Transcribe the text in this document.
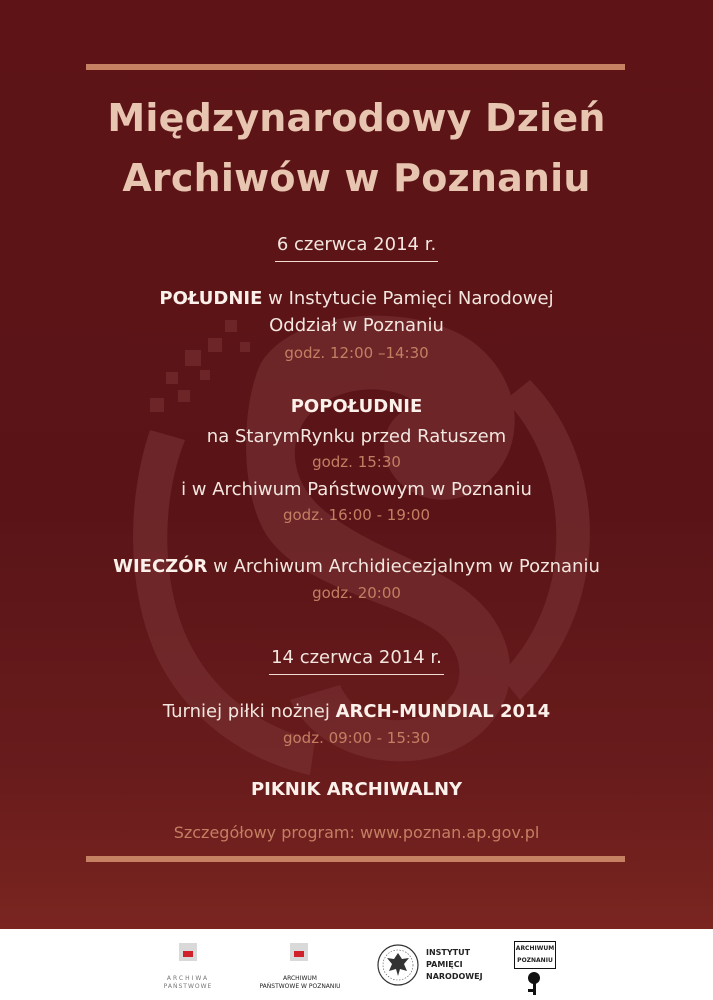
Międzynarodowy Dzień
Archiwów w Poznaniu
6 czerwca 2014 r.
POŁUDNIE w Instytucie Pamięci Narodowej
Oddział w Poznaniu
godz. 12:00 –14:30
POPOŁUDNIE
na StarymRynku przed Ratuszem
godz. 15:30
i w Archiwum Państwowym w Poznaniu
godz. 16:00 - 19:00
WIECZÓR w Archiwum Archidiecezjalnym w Poznaniu
godz. 20:00
14 czerwca 2014 r.
Turniej piłki nożnej ARCH-MUNDIAL 2014
godz. 09:00 - 15:30
PIKNIK ARCHIWALNY
Szczegółowy program: www.poznan.ap.gov.pl
ARCHIWA
PAŃSTWOWE
ARCHIWUM
PAŃSTWOWE W POZNANIU
INSTYTUT
PAMIĘCI
NARODOWEJ
ARCHIWUM
POZNANIU
